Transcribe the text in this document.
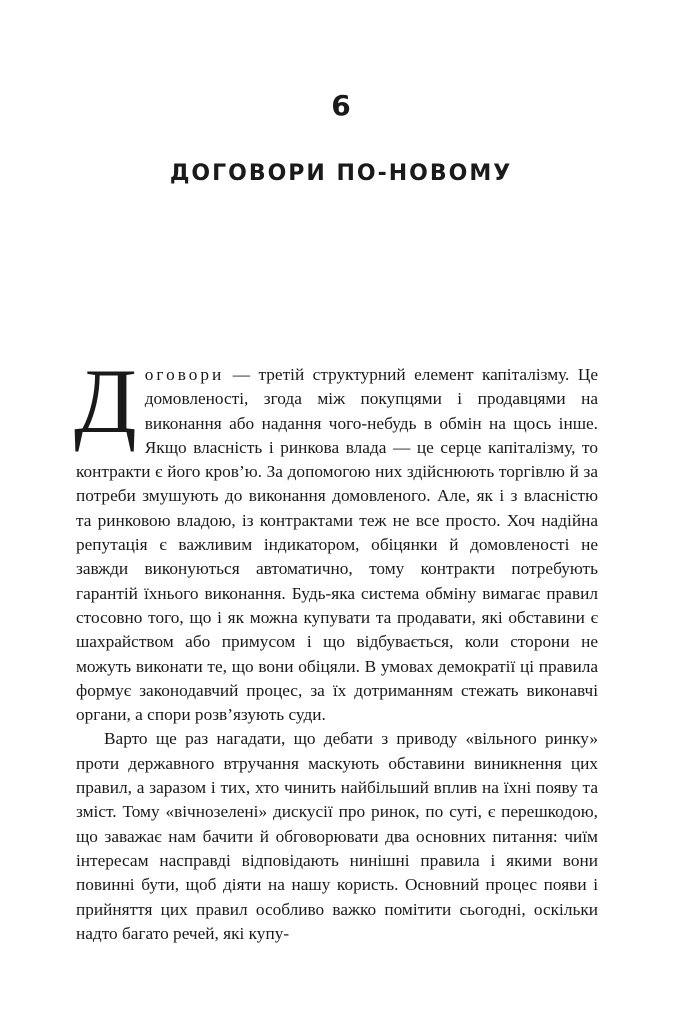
6
ДОГОВОРИ ПО-НОВОМУ

Договори — третій структурний елемент капіталізму. Це домовленості, згода між покупцями і продавцями на виконання або надання чого-небудь в обмін на щось інше. Якщо власність і ринкова влада — це серце капіталізму, то контракти є його кров’ю. За допомогою них здійснюють торгівлю й за потреби змушують до виконання домовленого. Але, як і з власністю та ринковою владою, із контрактами теж не все просто. Хоч надійна репутація є важливим індикатором, обіцянки й домовленості не завжди виконуються автоматично, тому контракти потребують гарантій їхнього виконання. Будь-яка система обміну вимагає правил стосовно того, що і як можна купувати та продавати, які обставини є шахрайством або примусом і що відбувається, коли сторони не можуть виконати те, що вони обіцяли. В умовах демократії ці правила формує законодавчий процес, за їх дотриманням стежать виконавчі органи, а спори розв’язують суди.

Варто ще раз нагадати, що дебати з приводу «вільного ринку» проти державного втручання маскують обставини виникнення цих правил, а заразом і тих, хто чинить найбільший вплив на їхні появу та зміст. Тому «вічнозелені» дискусії про ринок, по суті, є перешкодою, що заважає нам бачити й обговорювати два основних питання: чиїм інтересам насправді відповідають нинішні правила і якими вони повинні бути, щоб діяти на нашу користь. Основний процес появи і прийняття цих правил особливо важко помітити сьогодні, оскільки надто багато речей, які купу-
